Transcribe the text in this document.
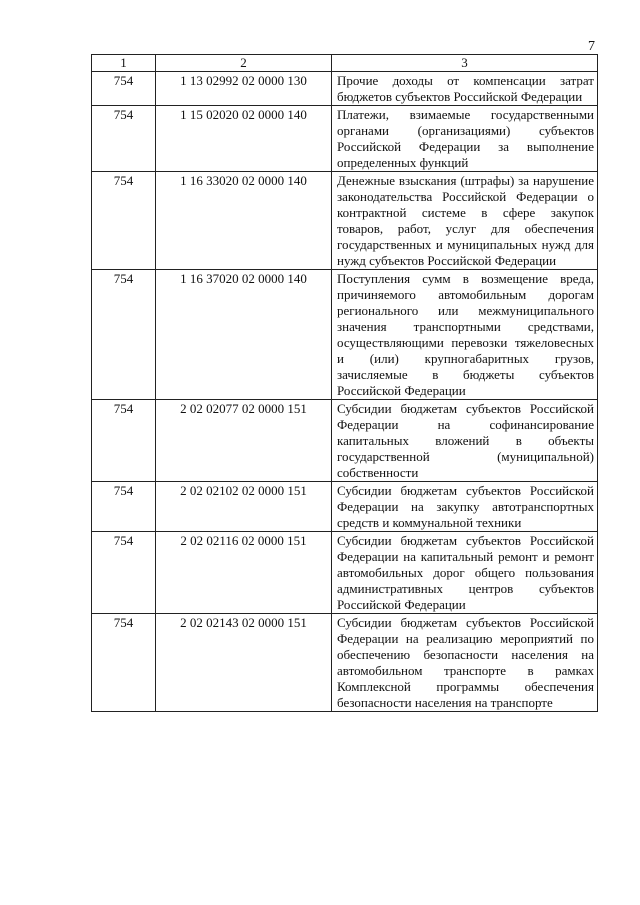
7
1	2	3
754	1 13 02992 02 0000 130	Прочие доходы от компенсации затрат бюджетов субъектов Российской Федерации
754	1 15 02020 02 0000 140	Платежи, взимаемые государственными органами (организациями) субъектов Российской Федерации за выполнение определенных функций
754	1 16 33020 02 0000 140	Денежные взыскания (штрафы) за нарушение законодательства Российской Федерации о контрактной системе в сфере закупок товаров, работ, услуг для обеспечения государственных и муниципальных нужд для нужд субъектов Российской Федерации
754	1 16 37020 02 0000 140	Поступления сумм в возмещение вреда, причиняемого автомобильным дорогам регионального или межмуниципального значения транспортными средствами, осуществляющими перевозки тяжеловесных и (или) крупногабаритных грузов, зачисляемые в бюджеты субъектов Российской Федерации
754	2 02 02077 02 0000 151	Субсидии бюджетам субъектов Российской Федерации на софинансирование капитальных вложений в объекты государственной (муниципальной) собственности
754	2 02 02102 02 0000 151	Субсидии бюджетам субъектов Российской Федерации на закупку автотранспортных средств и коммунальной техники
754	2 02 02116 02 0000 151	Субсидии бюджетам субъектов Российской Федерации на капитальный ремонт и ремонт автомобильных дорог общего пользования административных центров субъектов Российской Федерации
754	2 02 02143 02 0000 151	Субсидии бюджетам субъектов Российской Федерации на реализацию мероприятий по обеспечению безопасности населения на автомобильном транспорте в рамках Комплексной программы обеспечения безопасности населения на транспорте
